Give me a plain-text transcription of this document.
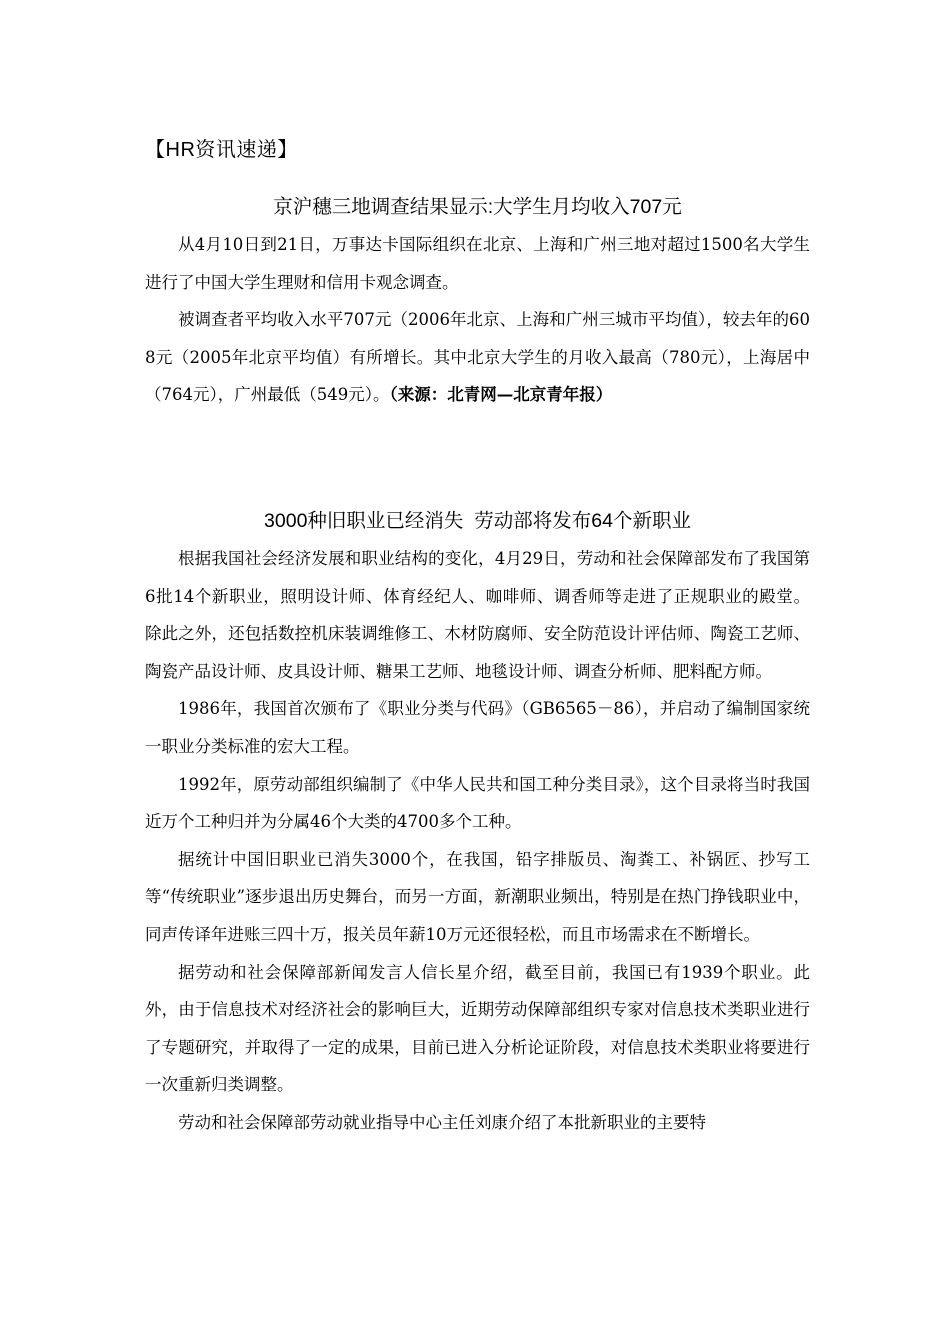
【HR资讯速递】
京沪穗三地调查结果显示:大学生月均收入707元

从4月10日到21日，万事达卡国际组织在北京、上海和广州三地对超过1500名大学生进行了中国大学生理财和信用卡观念调查。

被调查者平均收入水平707元（2006年北京、上海和广州三城市平均值），较去年的608元（2005年北京平均值）有所增长。其中北京大学生的月收入最高（780元），上海居中（764元），广州最低（549元）。（来源：北青网—北京青年报）

3000种旧职业已经消失  劳动部将发布64个新职业

根据我国社会经济发展和职业结构的变化，4月29日，劳动和社会保障部发布了我国第6批14个新职业，照明设计师、体育经纪人、咖啡师、调香师等走进了正规职业的殿堂。  除此之外，还包括数控机床装调维修工、木材防腐师、安全防范设计评估师、陶瓷工艺师、陶瓷产品设计师、皮具设计师、糖果工艺师、地毯设计师、调查分析师、肥料配方师。

1986年，我国首次颁布了《职业分类与代码》（GB6565－86），并启动了编制国家统一职业分类标准的宏大工程。

1992年，原劳动部组织编制了《中华人民共和国工种分类目录》，这个目录将当时我国近万个工种归并为分属46个大类的4700多个工种。

据统计中国旧职业已消失3000个，在我国，铅字排版员、淘粪工、补锅匠、抄写工等“传统职业”逐步退出历史舞台，而另一方面，新潮职业频出，特别是在热门挣钱职业中，同声传译年进账三四十万，报关员年薪10万元还很轻松，而且市场需求在不断增长。

据劳动和社会保障部新闻发言人信长星介绍，截至目前，我国已有1939个职业。此外，由于信息技术对经济社会的影响巨大，近期劳动保障部组织专家对信息技术类职业进行了专题研究，并取得了一定的成果，目前已进入分析论证阶段，对信息技术类职业将要进行一次重新归类调整。

劳动和社会保障部劳动就业指导中心主任刘康介绍了本批新职业的主要特
